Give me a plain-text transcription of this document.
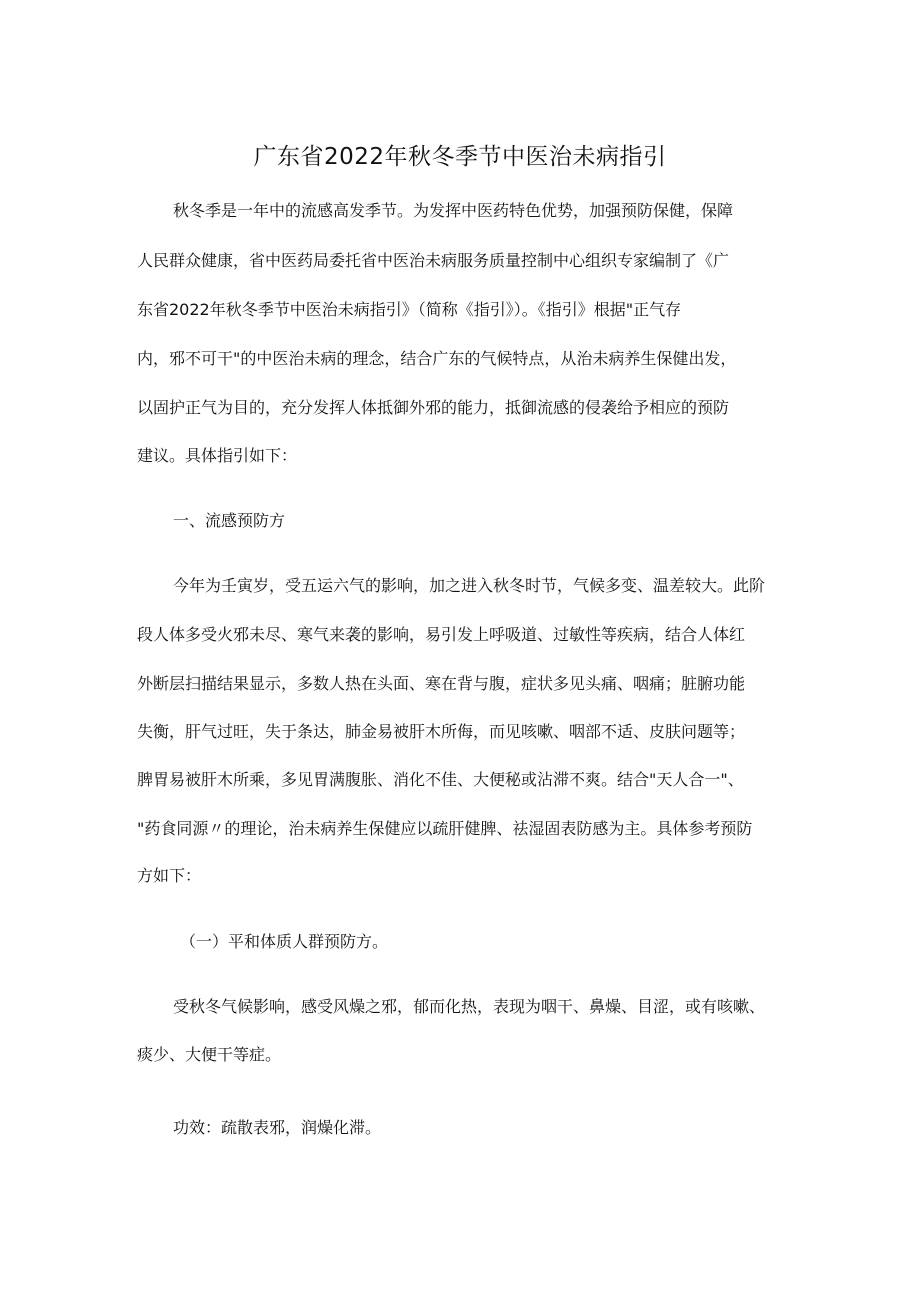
广东省2022年秋冬季节中医治未病指引

秋冬季是一年中的流感高发季节。为发挥中医药特色优势，加强预防保健，保障

人民群众健康，省中医药局委托省中医治未病服务质量控制中心组织专家编制了《广

东省2022年秋冬季节中医治未病指引》（简称《指引》）。《指引》根据"正气存

内，邪不可干"的中医治未病的理念，结合广东的气候特点，从治未病养生保健出发，

以固护正气为目的，充分发挥人体抵御外邪的能力，抵御流感的侵袭给予相应的预防

建议。具体指引如下：

一、流感预防方

今年为壬寅岁，受五运六气的影响，加之进入秋冬时节，气候多变、温差较大。此阶

段人体多受火邪未尽、寒气来袭的影响，易引发上呼吸道、过敏性等疾病，结合人体红

外断层扫描结果显示，多数人热在头面、寒在背与腹，症状多见头痛、咽痛；脏腑功能

失衡，肝气过旺，失于条达，肺金易被肝木所侮，而见咳嗽、咽部不适、皮肤问题等；

脾胃易被肝木所乘，多见胃满腹胀、消化不佳、大便秘或沾滞不爽。结合"天人合一"、

"药食同源〃的理论，治未病养生保健应以疏肝健脾、祛湿固表防感为主。具体参考预防

方如下：

（一）平和体质人群预防方。

受秋冬气候影响，感受风燥之邪，郁而化热，表现为咽干、鼻燥、目涩，或有咳嗽、

痰少、大便干等症。

功效：疏散表邪，润燥化滞。
